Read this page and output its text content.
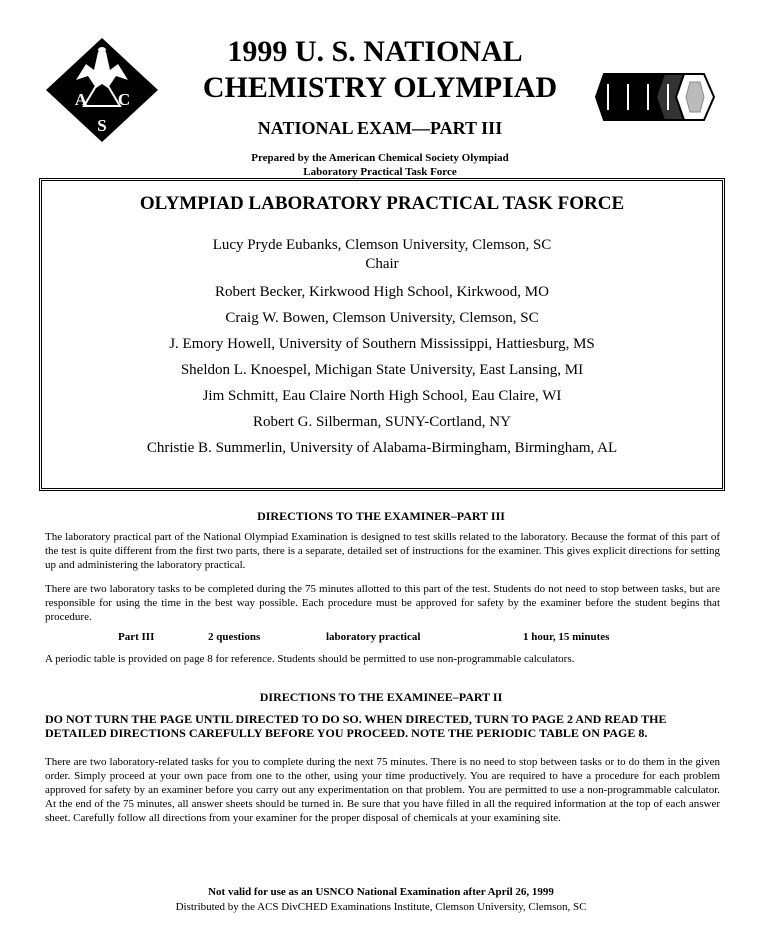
A C
S
1999 U. S. NATIONAL
CHEMISTRY OLYMPIAD
NATIONAL EXAM—PART III
Prepared by the American Chemical Society Olympiad
Laboratory Practical Task Force
OLYMPIAD LABORATORY PRACTICAL TASK FORCE
Lucy Pryde Eubanks, Clemson University, Clemson, SC
Chair
Robert Becker, Kirkwood High School, Kirkwood, MO
Craig W. Bowen, Clemson University, Clemson, SC
J. Emory Howell, University of Southern Mississippi, Hattiesburg, MS
Sheldon L. Knoespel, Michigan State University, East Lansing, MI
Jim Schmitt, Eau Claire North High School, Eau Claire, WI
Robert G. Silberman, SUNY-Cortland, NY
Christie B. Summerlin, University of Alabama-Birmingham, Birmingham, AL
DIRECTIONS TO THE EXAMINER–PART III
The laboratory practical part of the National Olympiad Examination is designed to test skills related to the laboratory. Because the format of this part of the test is quite different from the first two parts, there is a separate, detailed set of instructions for the examiner. This gives explicit directions for setting up and administering the laboratory practical.
There are two laboratory tasks to be completed during the 75 minutes allotted to this part of the test. Students do not need to stop between tasks, but are responsible for using the time in the best way possible. Each procedure must be approved for safety by the examiner before the student begins that procedure.
Part III	2 questions	laboratory practical	1 hour, 15 minutes
A periodic table is provided on page 8 for reference. Students should be permitted to use non-programmable calculators.
DIRECTIONS TO THE EXAMINEE–PART II
DO NOT TURN THE PAGE UNTIL DIRECTED TO DO SO. WHEN DIRECTED, TURN TO PAGE 2 AND READ THE DETAILED DIRECTIONS CAREFULLY BEFORE YOU PROCEED. NOTE THE PERIODIC TABLE ON PAGE 8.
There are two laboratory-related tasks for you to complete during the next 75 minutes. There is no need to stop between tasks or to do them in the given order. Simply proceed at your own pace from one to the other, using your time productively. You are required to have a procedure for each problem approved for safety by an examiner before you carry out any experimentation on that problem. You are permitted to use a non-programmable calculator. At the end of the 75 minutes, all answer sheets should be turned in. Be sure that you have filled in all the required information at the top of each answer sheet. Carefully follow all directions from your examiner for the proper disposal of chemicals at your examining site.
Not valid for use as an USNCO National Examination after April 26, 1999
Distributed by the ACS DivCHED Examinations Institute, Clemson University, Clemson, SC
